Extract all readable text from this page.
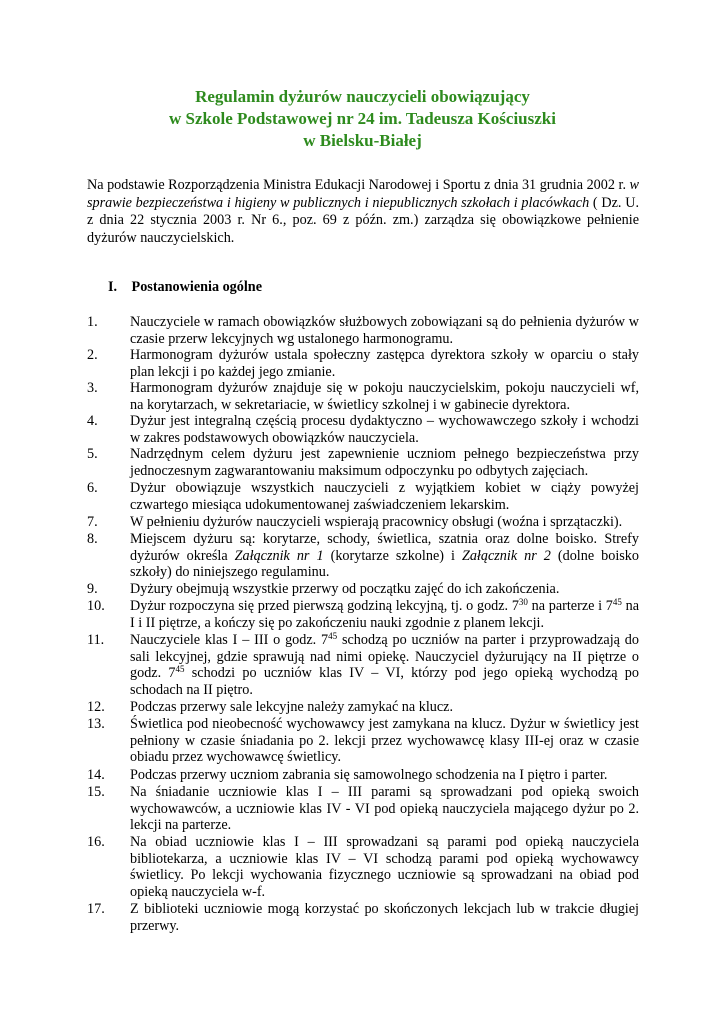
Regulamin dyżurów nauczycieli obowiązujący
w Szkole Podstawowej nr 24 im. Tadeusza Kościuszki
w Bielsku-Białej
Na podstawie Rozporządzenia Ministra Edukacji Narodowej i Sportu z dnia 31 grudnia 2002 r. w sprawie bezpieczeństwa i higieny w publicznych i niepublicznych szkołach i placówkach ( Dz. U. z dnia 22 stycznia 2003 r. Nr 6., poz. 69 z późn. zm.) zarządza się obowiązkowe pełnienie dyżurów nauczycielskich.
I. Postanowienia ogólne
1. Nauczyciele w ramach obowiązków służbowych zobowiązani są do pełnienia dyżurów w czasie przerw lekcyjnych wg ustalonego harmonogramu.
2. Harmonogram dyżurów ustala społeczny zastępca dyrektora szkoły w oparciu o stały plan lekcji i po każdej jego zmianie.
3. Harmonogram dyżurów znajduje się w pokoju nauczycielskim, pokoju nauczycieli wf, na korytarzach, w sekretariacie, w świetlicy szkolnej i w gabinecie dyrektora.
4. Dyżur jest integralną częścią procesu dydaktyczno – wychowawczego szkoły i wchodzi w zakres podstawowych obowiązków nauczyciela.
5. Nadrzędnym celem dyżuru jest zapewnienie uczniom pełnego bezpieczeństwa przy jednoczesnym zagwarantowaniu maksimum odpoczynku po odbytych zajęciach.
6. Dyżur obowiązuje wszystkich nauczycieli z wyjątkiem kobiet w ciąży powyżej czwartego miesiąca udokumentowanej zaświadczeniem lekarskim.
7. W pełnieniu dyżurów nauczycieli wspierają pracownicy obsługi (woźna i sprzątaczki).
8. Miejscem dyżuru są: korytarze, schody, świetlica, szatnia oraz dolne boisko. Strefy dyżurów określa Załącznik nr 1 (korytarze szkolne) i Załącznik nr 2 (dolne boisko szkoły) do niniejszego regulaminu.
9. Dyżury obejmują wszystkie przerwy od początku zajęć do ich zakończenia.
10. Dyżur rozpoczyna się przed pierwszą godziną lekcyjną, tj. o godz. $7^{30}$ na parterze i $7^{45}$ na I i II piętrze, a kończy się po zakończeniu nauki zgodnie z planem lekcji.
11. Nauczyciele klas I – III o godz. $7^{45}$ schodzą po uczniów na parter i przyprowadzają do sali lekcyjnej, gdzie sprawują nad nimi opiekę. Nauczyciel dyżurujący na II piętrze o godz. $7^{45}$ schodzi po uczniów klas IV – VI, którzy pod jego opieką wychodzą po schodach na II piętro.
12. Podczas przerwy sale lekcyjne należy zamykać na klucz.
13. Świetlica pod nieobecność wychowawcy jest zamykana na klucz. Dyżur w świetlicy jest pełniony w czasie śniadania po 2. lekcji przez wychowawcę klasy III-ej oraz w czasie obiadu przez wychowawcę świetlicy.
14. Podczas przerwy uczniom zabrania się samowolnego schodzenia na I piętro i parter.
15. Na śniadanie uczniowie klas I – III parami są sprowadzani pod opieką swoich wychowawców, a uczniowie klas IV - VI pod opieką nauczyciela mającego dyżur po 2. lekcji na parterze.
16. Na obiad uczniowie klas I – III sprowadzani są parami pod opieką nauczyciela bibliotekarza, a uczniowie klas IV – VI schodzą parami pod opieką wychowawcy świetlicy. Po lekcji wychowania fizycznego uczniowie są sprowadzani na obiad pod opieką nauczyciela w-f.
17. Z biblioteki uczniowie mogą korzystać po skończonych lekcjach lub w trakcie długiej przerwy.
